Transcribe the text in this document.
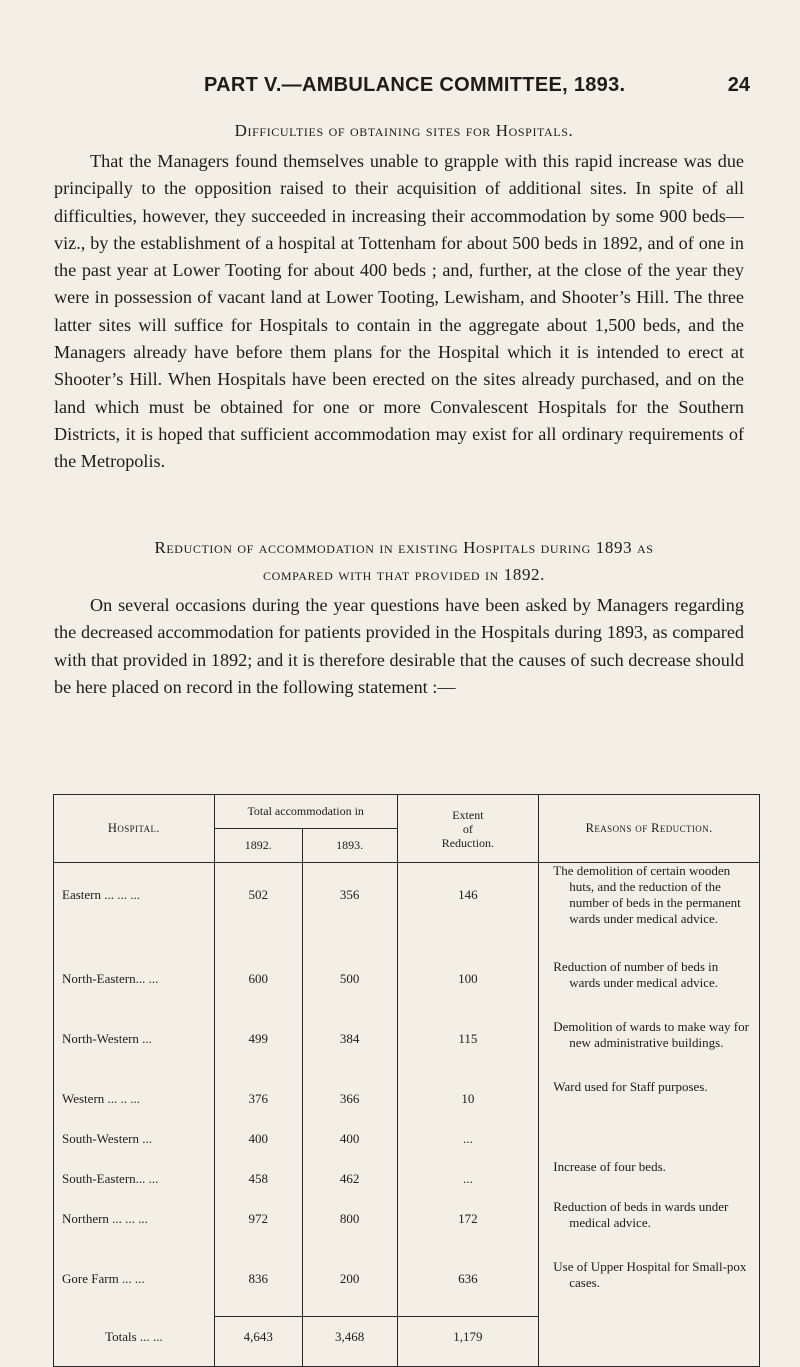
PART V.—AMBULANCE COMMITTEE, 1893.	24
Difficulties of obtaining sites for Hospitals.
That the Managers found themselves unable to grapple with this rapid increase was due principally to the opposition raised to their acquisition of additional sites. In spite of all difficulties, however, they succeeded in increasing their accommodation by some 900 beds—viz., by the establishment of a hospital at Tottenham for about 500 beds in 1892, and of one in the past year at Lower Tooting for about 400 beds ; and, further, at the close of the year they were in possession of vacant land at Lower Tooting, Lewisham, and Shooter’s Hill. The three latter sites will suffice for Hospitals to contain in the aggregate about 1,500 beds, and the Managers already have before them plans for the Hospital which it is intended to erect at Shooter’s Hill. When Hospitals have been erected on the sites already purchased, and on the land which must be obtained for one or more Convalescent Hospitals for the Southern Districts, it is hoped that sufficient accommodation may exist for all ordinary requirements of the Metropolis.
Reduction of accommodation in existing Hospitals during 1893 as
compared with that provided in 1892.
On several occasions during the year questions have been asked by Managers regarding the decreased accommodation for patients provided in the Hospitals during 1893, as compared with that provided in 1892; and it is therefore desirable that the causes of such decrease should be here placed on record in the following statement :—
Hospital.	Total accommodation in		Extent
of
Reduction.	Reasons of Reduction.
	1892.	1893.		
Eastern ... ... ...	502	356	146	The demolition of certain wooden huts, and the reduction of the number of beds in the permanent wards under medical advice.

North-Eastern... ...	600	500	100	Reduction of number of beds in wards under medical advice.

North-Western ...	499	384	115	Demolition of wards to make way for new administrative buildings.

Western ... .. ...	376	366	10	Ward used for Staff purposes.

South-Western ...	400	400	...	

South-Eastern... ...	458	462	...	Increase of four beds.

Northern ... ... ...	972	800	172	Reduction of beds in wards under medical advice.

Gore Farm ... ...	836	200	636	Use of Upper Hospital for Small-pox cases.

Totals ... ...	4,643	3,468	1,179	
